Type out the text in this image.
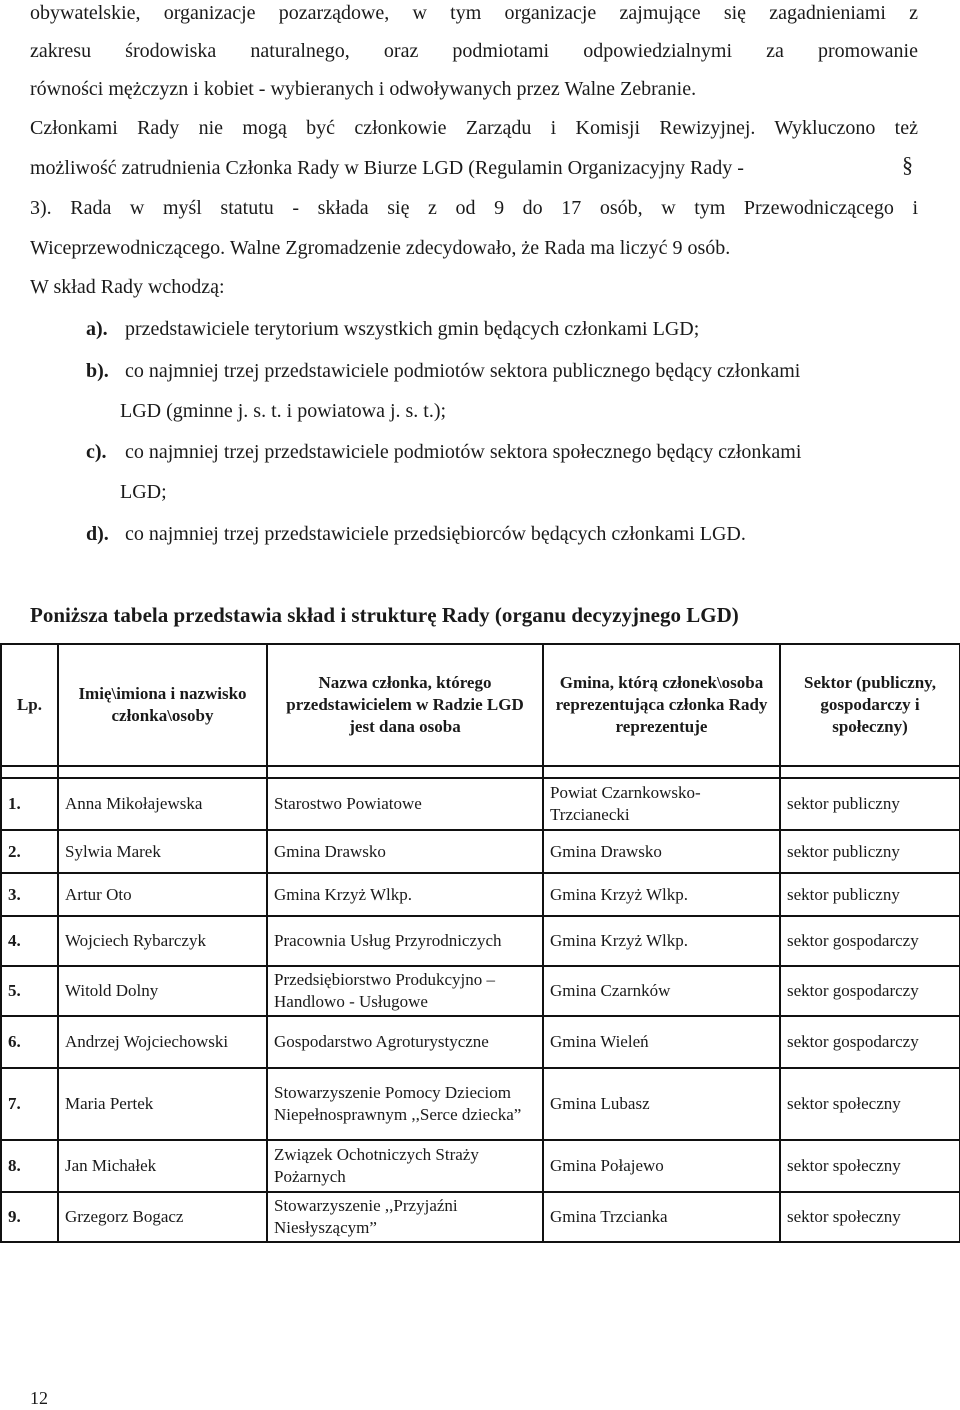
obywatelskie, organizacje pozarządowe, w tym organizacje zajmujące się zagadnieniami z
zakresu środowiska naturalnego, oraz podmiotami odpowiedzialnymi za promowanie
równości mężczyzn i kobiet - wybieranych i odwoływanych przez Walne Zebranie.
Członkami Rady nie mogą być członkowie Zarządu i Komisji Rewizyjnej. Wykluczono też
możliwość zatrudnienia Członka Rady w Biurze LGD (Regulamin Organizacyjny Rady -	§
3). Rada w myśl statutu - składa się z od 9 do 17 osób, w tym Przewodniczącego i
Wiceprzewodniczącego. Walne Zgromadzenie zdecydowało, że Rada ma liczyć 9 osób.
W skład Rady wchodzą:
a). przedstawiciele terytorium wszystkich gmin będących członkami LGD;
b). co najmniej trzej przedstawiciele podmiotów sektora publicznego będący członkami
LGD (gminne j. s. t. i powiatowa j. s. t.);
c). co najmniej trzej przedstawiciele podmiotów sektora społecznego będący członkami
LGD;
d). co najmniej trzej przedstawiciele przedsiębiorców będących członkami LGD.
Poniższa tabela przedstawia skład i strukturę Rady (organu decyzyjnego LGD)
Lp.	Imię\imiona i nazwisko członka\osoby	Nazwa członka, którego przedstawicielem w Radzie LGD jest dana osoba	Gmina, którą członek\osoba reprezentująca członka Rady reprezentuje	Sektor (publiczny, gospodarczy i społeczny)

1.	Anna Mikołajewska	Starostwo Powiatowe	Powiat Czarnkowsko-Trzcianecki	sektor publiczny
2.	Sylwia Marek	Gmina Drawsko	Gmina Drawsko	sektor publiczny
3.	Artur Oto	Gmina Krzyż Wlkp.	Gmina Krzyż Wlkp.	sektor publiczny
4.	Wojciech Rybarczyk	Pracownia Usług Przyrodniczych	Gmina Krzyż Wlkp.	sektor gospodarczy
5.	Witold Dolny	Przedsiębiorstwo Produkcyjno – Handlowo - Usługowe	Gmina Czarnków	sektor gospodarczy
6.	Andrzej Wojciechowski	Gospodarstwo Agroturystyczne	Gmina Wieleń	sektor gospodarczy
7.	Maria Pertek	Stowarzyszenie Pomocy Dzieciom Niepełnosprawnym ,,Serce dziecka”	Gmina Lubasz	sektor społeczny
8.	Jan Michałek	Związek Ochotniczych Straży Pożarnych	Gmina Połajewo	sektor społeczny
9.	Grzegorz Bogacz	Stowarzyszenie ,,Przyjaźni Niesłyszącym”	Gmina Trzcianka	sektor społeczny
12
